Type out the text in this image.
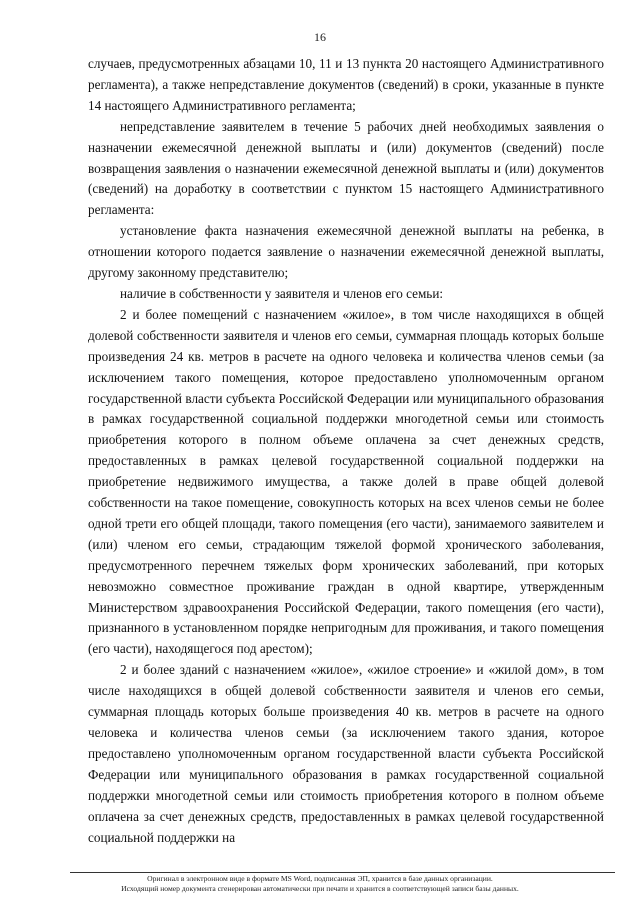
16

случаев, предусмотренных абзацами 10, 11 и 13 пункта 20 настоящего Административного регламента), а также непредставление документов (сведений) в сроки, указанные в пункте 14 настоящего Административного регламента;

непредставление заявителем в течение 5 рабочих дней необходимых заявления о назначении ежемесячной денежной выплаты и (или) документов (сведений) после возвращения заявления о назначении ежемесячной денежной выплаты и (или) документов (сведений) на доработку в соответствии с пунктом 15 настоящего Административного регламента:

установление факта назначения ежемесячной денежной выплаты на ребенка, в отношении которого подается заявление о назначении ежемесячной денежной выплаты, другому законному представителю;

наличие в собственности у заявителя и членов его семьи:

2 и более помещений с назначением «жилое», в том числе находящихся в общей долевой собственности заявителя и членов его семьи, суммарная площадь которых больше произведения 24 кв. метров в расчете на одного человека и количества членов семьи (за исключением такого помещения, которое предоставлено уполномоченным органом государственной власти субъекта Российской Федерации или муниципального образования в рамках государственной социальной поддержки многодетной семьи или стоимость приобретения которого в полном объеме оплачена за счет денежных средств, предоставленных в рамках целевой государственной социальной поддержки на приобретение недвижимого имущества, а также долей в праве общей долевой собственности на такое помещение, совокупность которых на всех членов семьи не более одной трети его общей площади, такого помещения (его части), занимаемого заявителем и (или) членом его семьи, страдающим тяжелой формой хронического заболевания, предусмотренного перечнем тяжелых форм хронических заболеваний, при которых невозможно совместное проживание граждан в одной квартире, утвержденным Министерством здравоохранения Российской Федерации, такого помещения (его части), признанного в установленном порядке непригодным для проживания, и такого помещения (его части), находящегося под арестом);

2 и более зданий с назначением «жилое», «жилое строение» и «жилой дом», в том числе находящихся в общей долевой собственности заявителя и членов его семьи, суммарная площадь которых больше произведения 40 кв. метров в расчете на одного человека и количества членов семьи (за исключением такого здания, которое предоставлено уполномоченным органом государственной власти субъекта Российской Федерации или муниципального образования в рамках государственной социальной поддержки многодетной семьи или стоимость приобретения которого в полном объеме оплачена за счет денежных средств, предоставленных в рамках целевой государственной социальной поддержки на

Оригинал в электронном виде в формате MS Word, подписанная ЭП, хранится в базе данных организации.
Исходящий номер документа сгенерирован автоматически при печати и хранится в соответствующей записи базы данных.
